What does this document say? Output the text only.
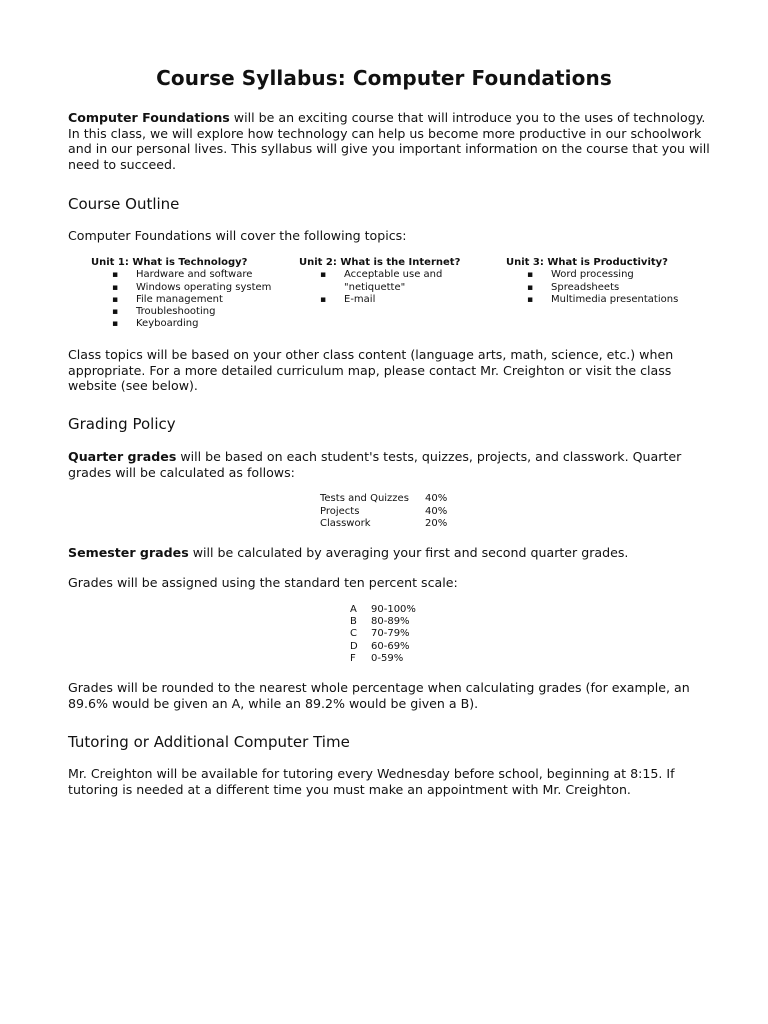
Course Syllabus: Computer Foundations

Computer Foundations will be an exciting course that will introduce you to the uses of technology. In this class, we will explore how technology can help us become more productive in our schoolwork and in our personal lives. This syllabus will give you important information on the course that you will need to succeed.

Course Outline

Computer Foundations will cover the following topics:

Unit 1: What is Technology?
▪ Hardware and software
▪ Windows operating system
▪ File management
▪ Troubleshooting
▪ Keyboarding
Unit 2: What is the Internet?
▪ Acceptable use and "netiquette"
▪ E-mail
Unit 3: What is Productivity?
▪ Word processing
▪ Spreadsheets
▪ Multimedia presentations

Class topics will be based on your other class content (language arts, math, science, etc.) when appropriate. For a more detailed curriculum map, please contact Mr. Creighton or visit the class website (see below).

Grading Policy

Quarter grades will be based on each student's tests, quizzes, projects, and classwork. Quarter grades will be calculated as follows:

Tests and Quizzes	40%
Projects	40%
Classwork	20%

Semester grades will be calculated by averaging your first and second quarter grades.

Grades will be assigned using the standard ten percent scale:

A	90-100%
B	80-89%
C	70-79%
D	60-69%
F	0-59%

Grades will be rounded to the nearest whole percentage when calculating grades (for example, an 89.6% would be given an A, while an 89.2% would be given a B).

Tutoring or Additional Computer Time

Mr. Creighton will be available for tutoring every Wednesday before school, beginning at 8:15. If tutoring is needed at a different time you must make an appointment with Mr. Creighton.
